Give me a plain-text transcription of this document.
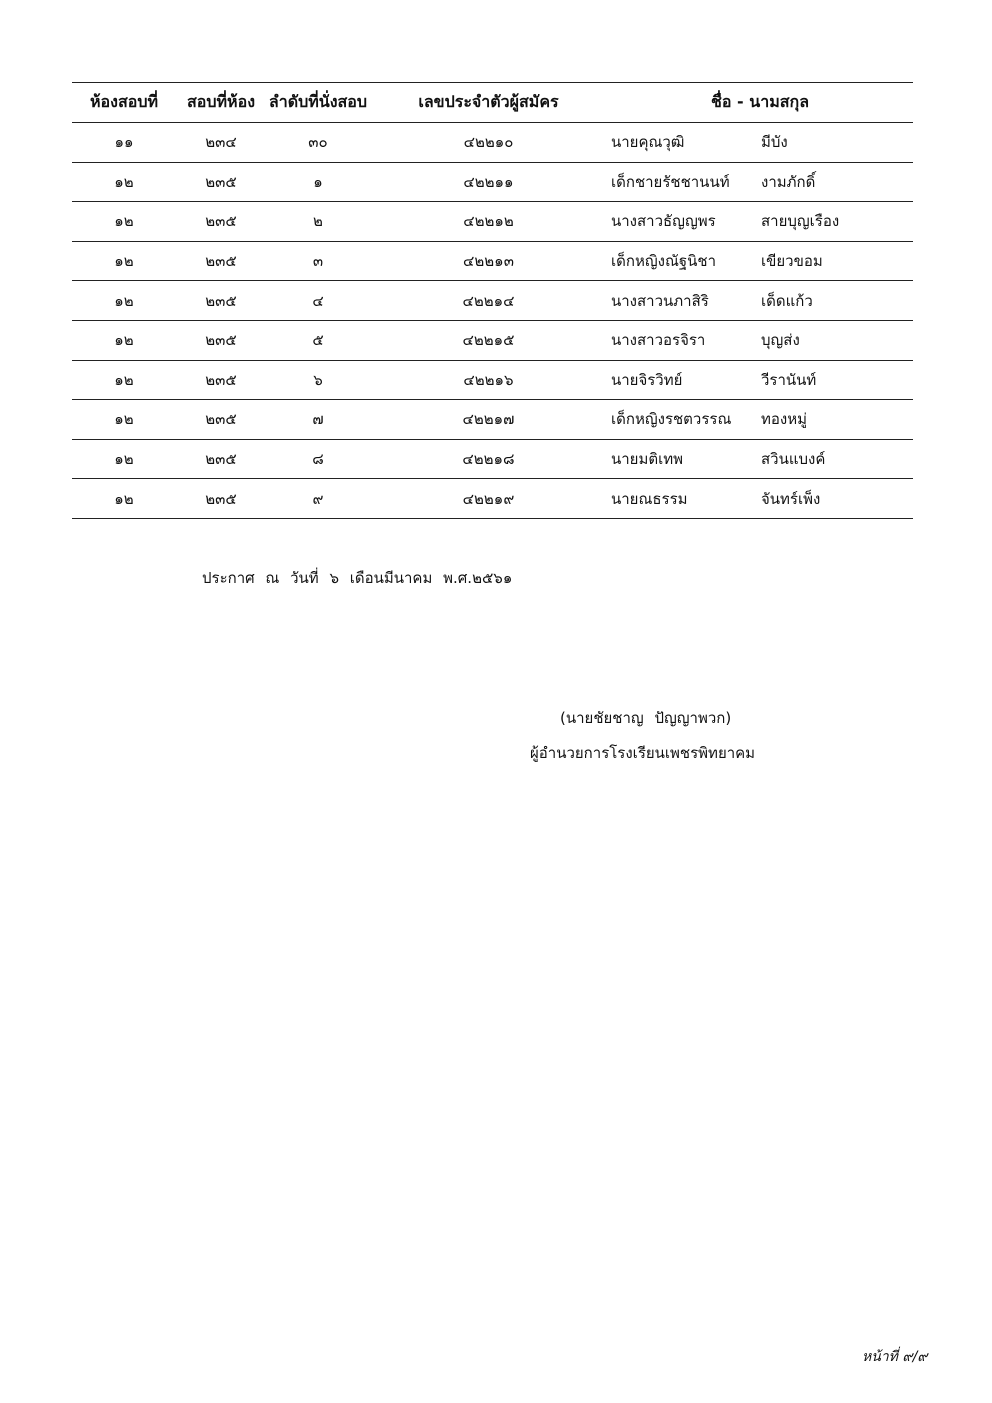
ห้องสอบที่	สอบที่ห้อง	ลำดับที่นั่งสอบ	เลขประจำตัวผู้สมัคร	ชื่อ - นามสกุล	
๑๑	๒๓๔	๓๐	๔๒๒๑๐	นายคุณวุฒิ	มีบัง
๑๒	๒๓๕	๑	๔๒๒๑๑	เด็กชายรัชชานนท์	งามภักดิ์
๑๒	๒๓๕	๒	๔๒๒๑๒	นางสาวธัญญพร	สายบุญเรือง
๑๒	๒๓๕	๓	๔๒๒๑๓	เด็กหญิงณัฐนิชา	เขียวขอม
๑๒	๒๓๕	๔	๔๒๒๑๔	นางสาวนภาสิริ	เด็ดแก้ว
๑๒	๒๓๕	๕	๔๒๒๑๕	นางสาวอรจิรา	บุญส่ง
๑๒	๒๓๕	๖	๔๒๒๑๖	นายจิรวิทย์	วีรานันท์
๑๒	๒๓๕	๗	๔๒๒๑๗	เด็กหญิงรชตวรรณ	ทองหมู่
๑๒	๒๓๕	๘	๔๒๒๑๘	นายมติเทพ	สวินแบงค์
๑๒	๒๓๕	๙	๔๒๒๑๙	นายณธรรม	จันทร์เพ็ง
ประกาศ ณ วันที่ ๖ เดือนมีนาคม พ.ศ.๒๕๖๑
(นายชัยชาญ ปัญญาพวก)
ผู้อำนวยการโรงเรียนเพชรพิทยาคม
หน้าที่ ๙/๙
